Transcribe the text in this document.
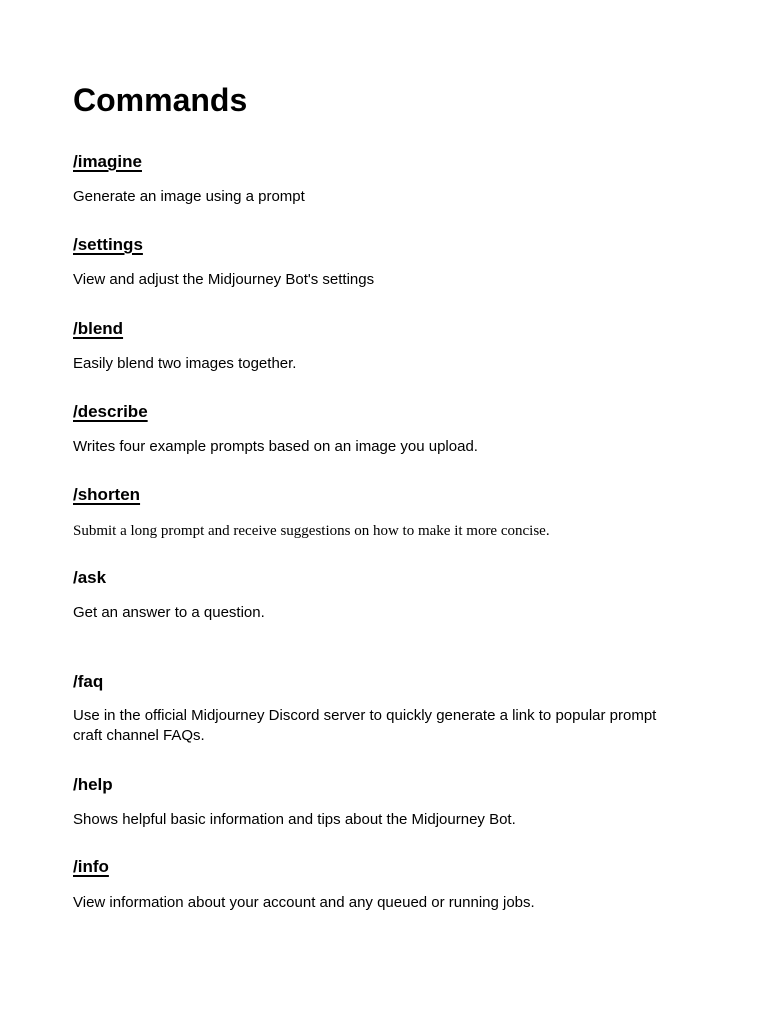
Commands
/imagine

Generate an image using a prompt

/settings

View and adjust the Midjourney Bot's settings

/blend

Easily blend two images together.

/describe

Writes four example prompts based on an image you upload.

/shorten

Submit a long prompt and receive suggestions on how to make it more concise.

/ask

Get an answer to a question.

/faq

Use in the official Midjourney Discord server to quickly generate a link to popular prompt craft channel FAQs.

/help

Shows helpful basic information and tips about the Midjourney Bot.

/info

View information about your account and any queued or running jobs.
